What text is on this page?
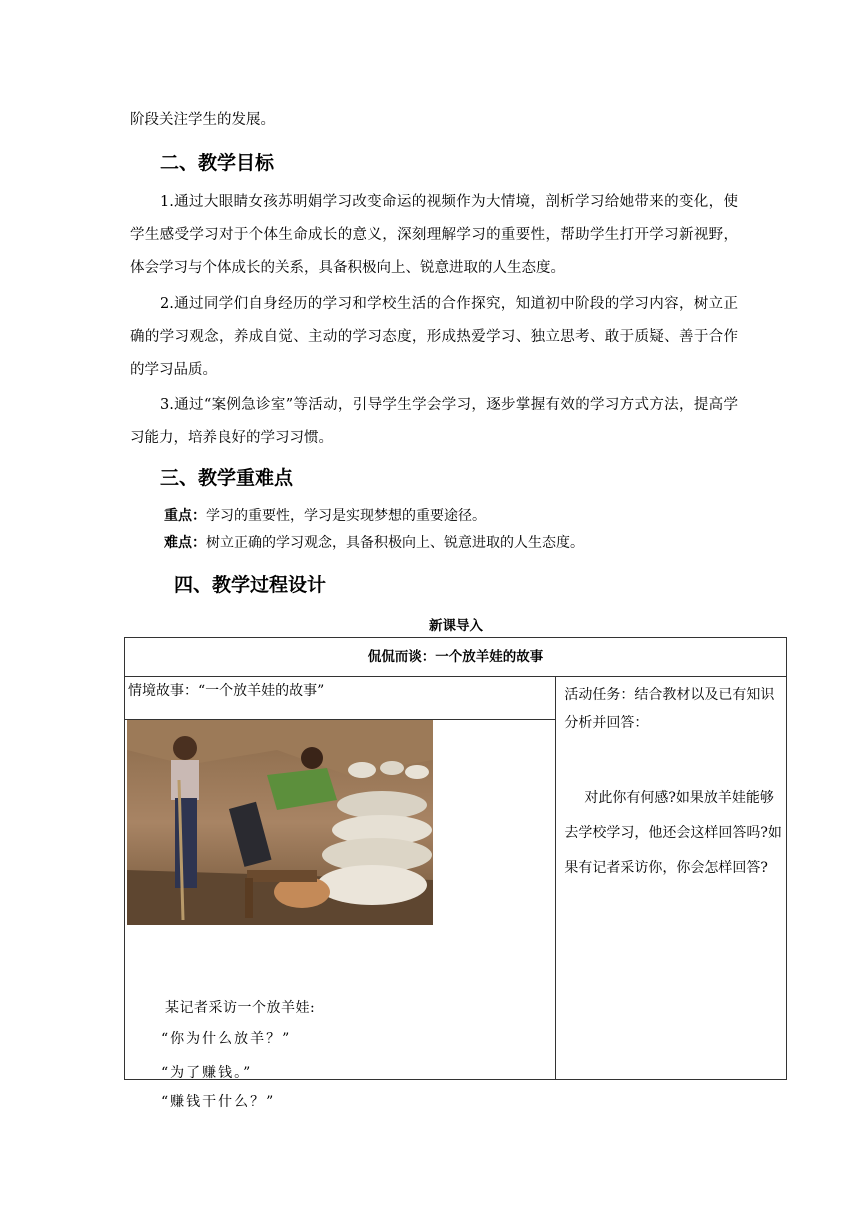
阶段关注学生的发展。
二、教学目标
1.通过大眼睛女孩苏明娟学习改变命运的视频作为大情境，剖析学习给她带来的变化，使学生感受学习对于个体生命成长的意义，深刻理解学习的重要性，帮助学生打开学习新视野，体会学习与个体成长的关系，具备积极向上、锐意进取的人生态度。
2.通过同学们自身经历的学习和学校生活的合作探究，知道初中阶段的学习内容，树立正确的学习观念，养成自觉、主动的学习态度，形成热爱学习、独立思考、敢于质疑、善于合作的学习品质。
3.通过“案例急诊室”等活动，引导学生学会学习，逐步掌握有效的学习方式方法，提高学习能力，培养良好的学习习惯。
三、教学重难点
重点：学习的重要性，学习是实现梦想的重要途径。
难点：树立正确的学习观念，具备积极向上、锐意进取的人生态度。
四、教学过程设计
新课导入
侃侃而谈：一个放羊娃的故事

情境故事：“一个放羊娃的故事”
某记者采访一个放羊娃:
“你为什么放羊？”
“为了赚钱。”
“赚钱干什么？”

活动任务：结合教材以及已有知识分析并回答：
对此你有何感?如果放羊娃能够去学校学习，他还会这样回答吗?如果有记者采访你，你会怎样回答?
